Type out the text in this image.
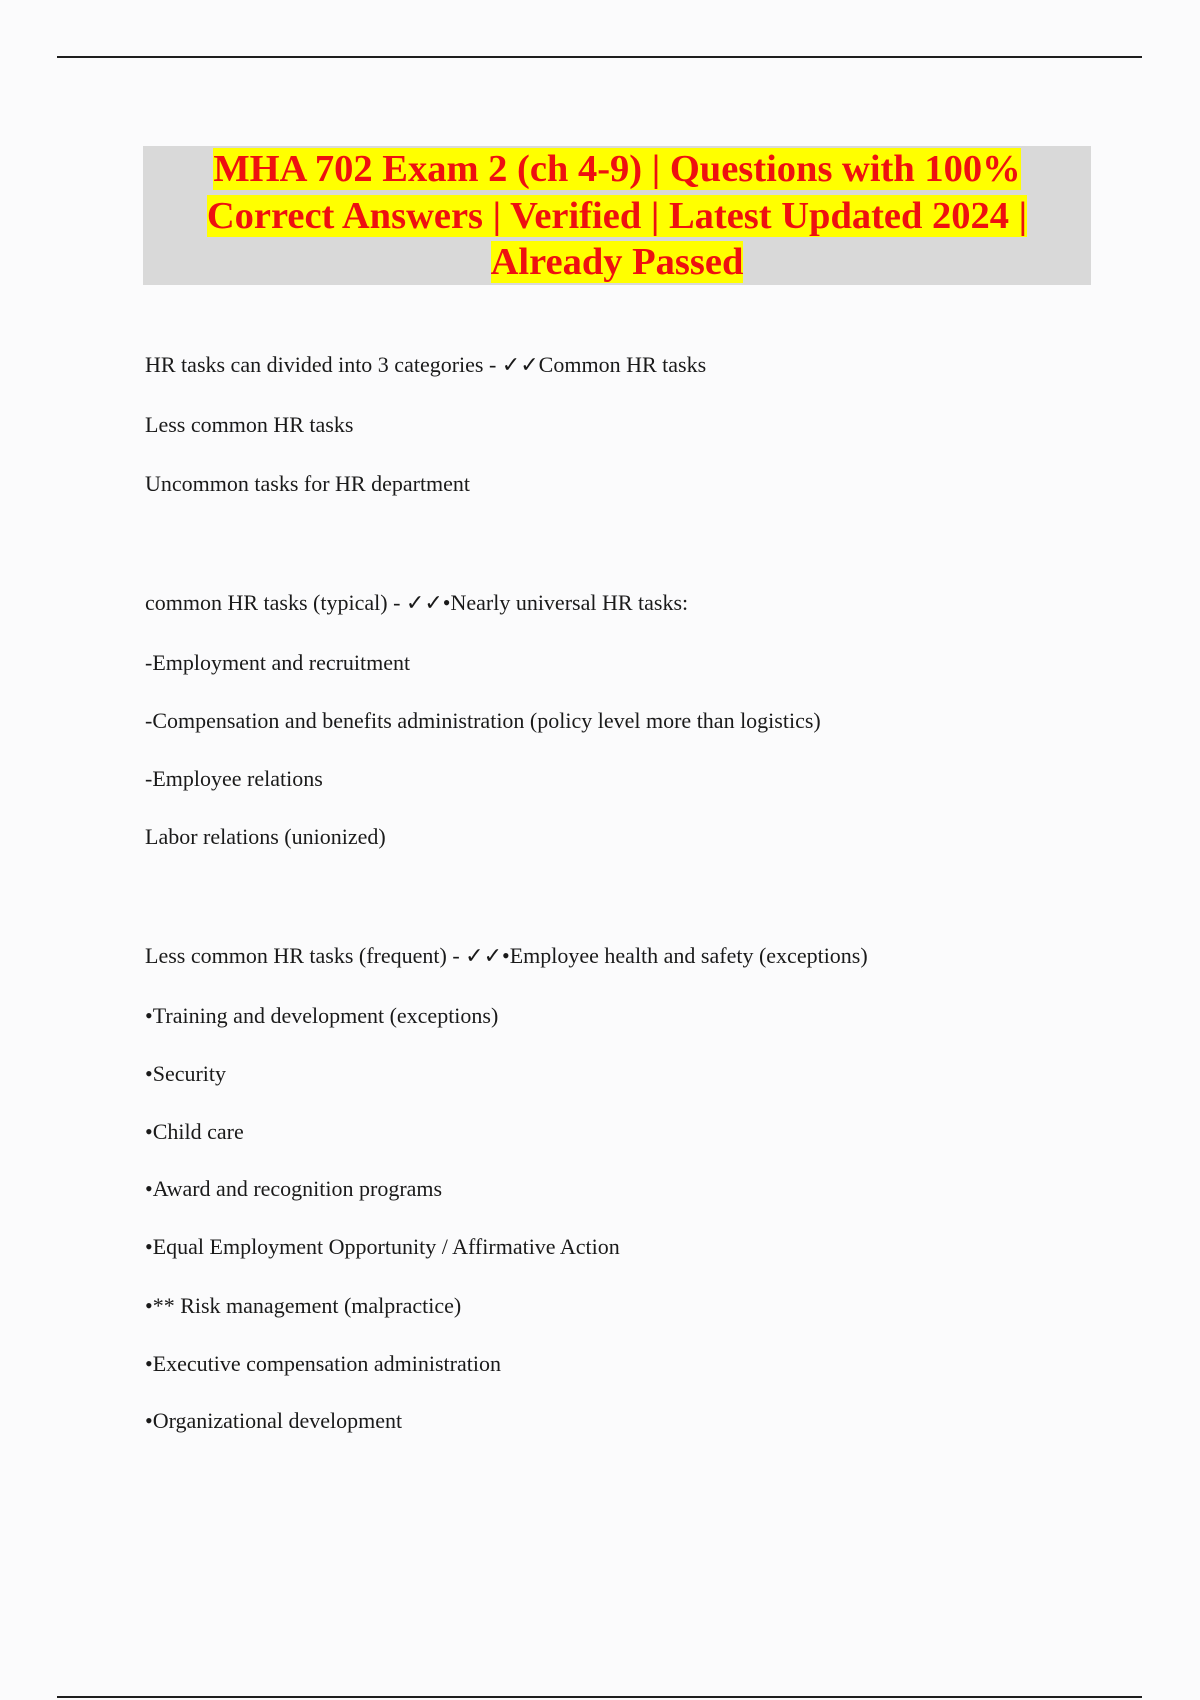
MHA 702 Exam 2 (ch 4-9) | Questions with 100%
Correct Answers | Verified | Latest Updated 2024 |
Already Passed
HR tasks can divided into 3 categories - ✓✓Common HR tasks
Less common HR tasks
Uncommon tasks for HR department
common HR tasks (typical) - ✓✓•Nearly universal HR tasks:
-Employment and recruitment
-Compensation and benefits administration (policy level more than logistics)
-Employee relations
Labor relations (unionized)
Less common HR tasks (frequent) - ✓✓•Employee health and safety (exceptions)
•Training and development (exceptions)
•Security
•Child care
•Award and recognition programs
•Equal Employment Opportunity / Affirmative Action
•** Risk management (malpractice)
•Executive compensation administration
•Organizational development
